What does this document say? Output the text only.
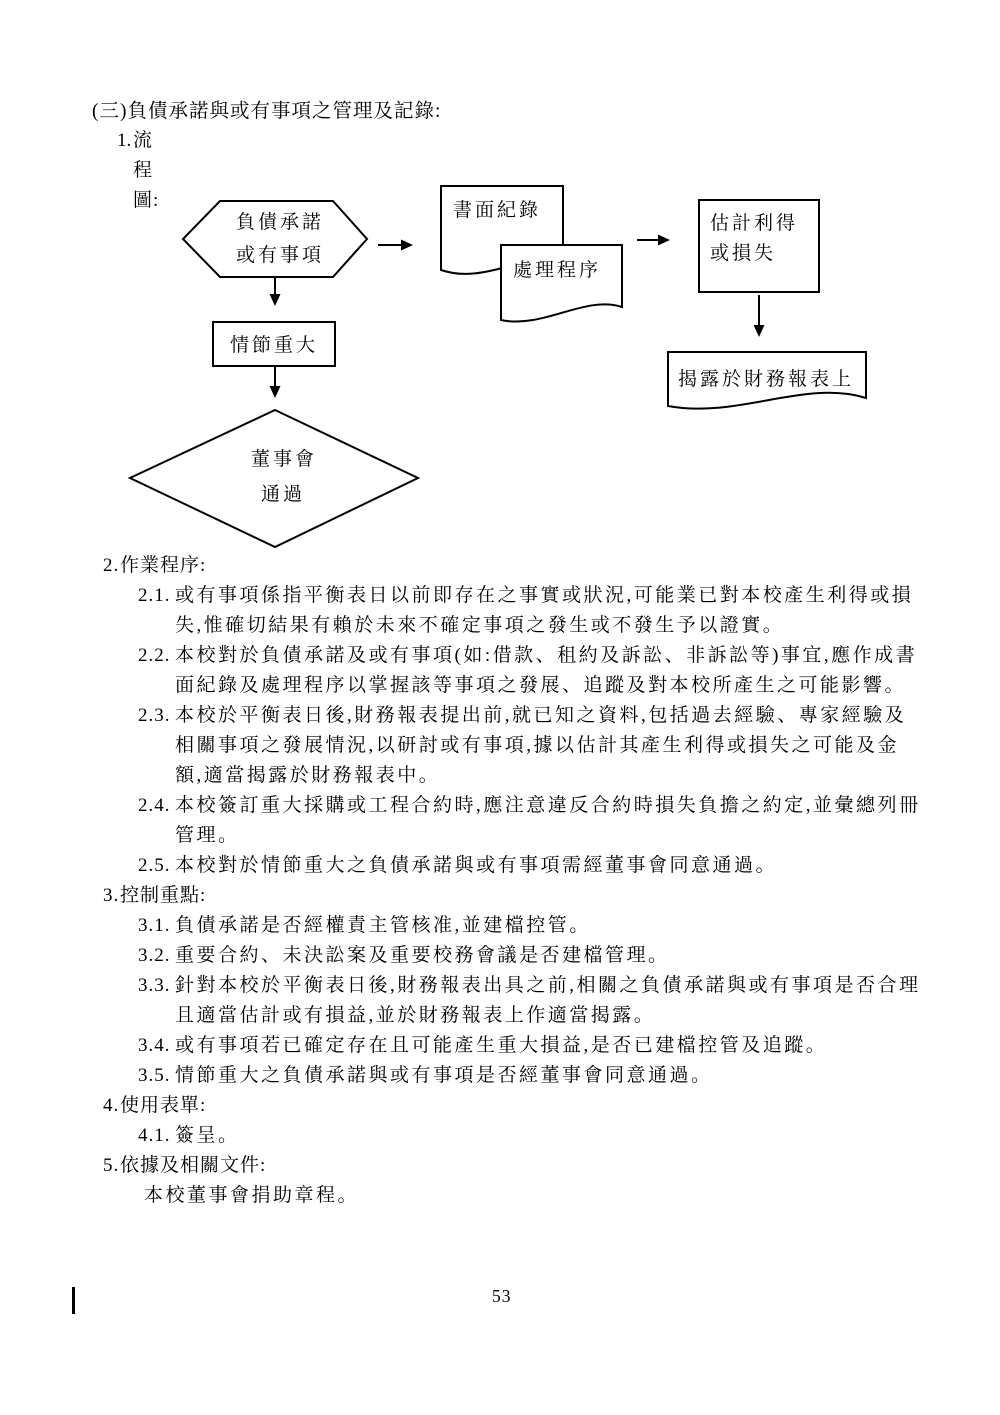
(三)負債承諾與或有事項之管理及記錄:
1. 流程圖:
負債承諾
或有事項
書面紀錄
處理程序
估計利得
或損失
揭露於財務報表上
情節重大
董事會
通過
2. 作業程序:
2.1. 或有事項係指平衡表日以前即存在之事實或狀況,可能業已對本校產生利得或損
失,惟確切結果有賴於未來不確定事項之發生或不發生予以證實。
2.2. 本校對於負債承諾及或有事項(如:借款、租約及訴訟、非訴訟等)事宜,應作成書
面紀錄及處理程序以掌握該等事項之發展、追蹤及對本校所產生之可能影響。
2.3. 本校於平衡表日後,財務報表提出前,就已知之資料,包括過去經驗、專家經驗及
相關事項之發展情況,以研討或有事項,據以估計其產生利得或損失之可能及金
額,適當揭露於財務報表中。
2.4. 本校簽訂重大採購或工程合約時,應注意違反合約時損失負擔之約定,並彙總列冊
管理。
2.5. 本校對於情節重大之負債承諾與或有事項需經董事會同意通過。
3. 控制重點:
3.1. 負債承諾是否經權責主管核准,並建檔控管。
3.2. 重要合約、未決訟案及重要校務會議是否建檔管理。
3.3. 針對本校於平衡表日後,財務報表出具之前,相關之負債承諾與或有事項是否合理
且適當估計或有損益,並於財務報表上作適當揭露。
3.4. 或有事項若已確定存在且可能產生重大損益,是否已建檔控管及追蹤。
3.5. 情節重大之負債承諾與或有事項是否經董事會同意通過。
4. 使用表單:
4.1. 簽呈。
5. 依據及相關文件:
本校董事會捐助章程。
53
